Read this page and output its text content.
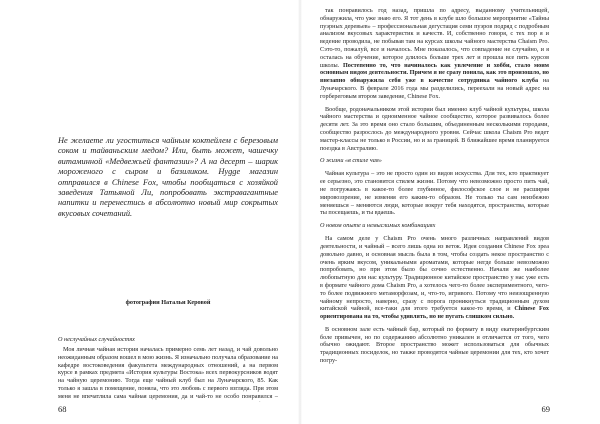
Не желаете ли угоститься чайным коктейлем с березовым соком и тайваньским медом? Или, быть может, чашечку витаминной «Медвежьей фантазии»? А на десерт – шарик мороженого с сыром и базиликом. Hygge магазин отправился в Chinese Fox, чтобы пообщаться с хозяйкой заведения Татьяной Ли, попробовать экстравагантные напитки и перенестись в абсолютно новый мир сокрытых вкусовых сочетаний.
фотографии Натальи Керовой
О неслучайных случайностях

Моя личная чайная история началась примерно семь лет назад, и чай довольно неожиданным образом вошел в мою жизнь. Я изначально получала образование на кафедре востоковедения факультета международных отношений, а на первом курсе в рамках предмета «История культуры Востока» всех первокурсников водят на чайную церемонию. Тогда еще чайный клуб был на Луначарского, 85. Как только я зашла в помещение, поняла, что это любовь с первого взгляда. При этом меня не впечатлила сама чайная церемония, да и чай-то не особо понравился –

68

так понравилось год назад, пришла по адресу, выданному учительницей, обнаружила, что уже знаю его. Я тот день в клубе шло большое мероприятие «Тайны пуэрных деревьев» – профессиональная дегустация семи пуэров подряд с подробным анализом вкусовых характеристик и качеств. И, собственно говоря, с тех пор я и ведение проводила, не побывав там на курсах школы чайного мастерства Chaism Pro. Сэто-то, пожалуй, все и началось. Мне показалось, что совпадение не случайно, и я осталась на обучение, которое длилось больше трех лет и прошла все пять курсов школы. Постепенно то, что начиналось как увлечение и хобби, стало моим основным видом деятельности. Причем я не сразу поняла, как это произошло, но внезапно обнаружила себя уже в качестве сотрудника чайного клуба на Луначарского. В феврале 2016 года мы разделились, переехали на новый адрес на горбереговым втором заведение, Chinese Fox.

Вообще, родоначальником этой истории был именно клуб чайной культуры, школа чайного мастерства и одноименное чайное сообщество, которое развивалось более десяти лет. За это время оно стало большим, объединенным несколькими городами, сообщество разрослось до международного уровня. Сейчас школа Chaism Pro ведет мастер-классы не только в России, но и за границей. В ближайшее время планируется поездка в Австралию.

О жизни «в стиле чая»

Чайная культура – это не просто один из видов искусства. Для тех, кто практикует ее серьезно, это становится стилем жизни. Потому что невозможно просто пить чай, не погружаясь в какое-то более глубинное, философское слое и не расширяя мировоззрение, не изменяя его каким-то образом. Не только ты сам неизбежно меняешься – меняются люди, которые вокруг тебя находятся, пространства, которые ты посещаешь, и ты вдаешь.

О новом опыте и немыслимых комбинациях

На самом деле у Chaism Pro очень много различных направлений видов деятельности, и чайный – всего лишь одна из веток. Идея создания Chinese Fox зреа довольно давно, и основная мысль была в том, чтобы создать некое пространство с очень ярким вкусом, уникальными ароматами, которые негде больше невозможно попробовать, но при этом было бы сочно естественно. Начали же наиболее любопытную для нас культуру. Традиционное китайское пространство у нас уже есть в формате чайного дома Chaism Pro, а хотелось чего-то более экспериментного, чего-то более подвижного метаморфозам, и, что-то, игривого. Потому что неизощренную чайному непросто, наверно, сразу с порога проникнуться традиционным духом китайской чайной, все-таки для этого требуется какое-то время, и Chinese Fox ориентирована на то, чтобы удивлять, но не пугать слишком сильно.

В основном зале есть чайный бар, который по формату в виду екатеринбургским боле привычен, но по содержанию абсолютно уникален и отличается от того, чего обычно ожидают. Второе пространство может использоваться для обычных традиционных посиделок, но также проводятся чайные церемонии для тех, кто хочет погру-

69
